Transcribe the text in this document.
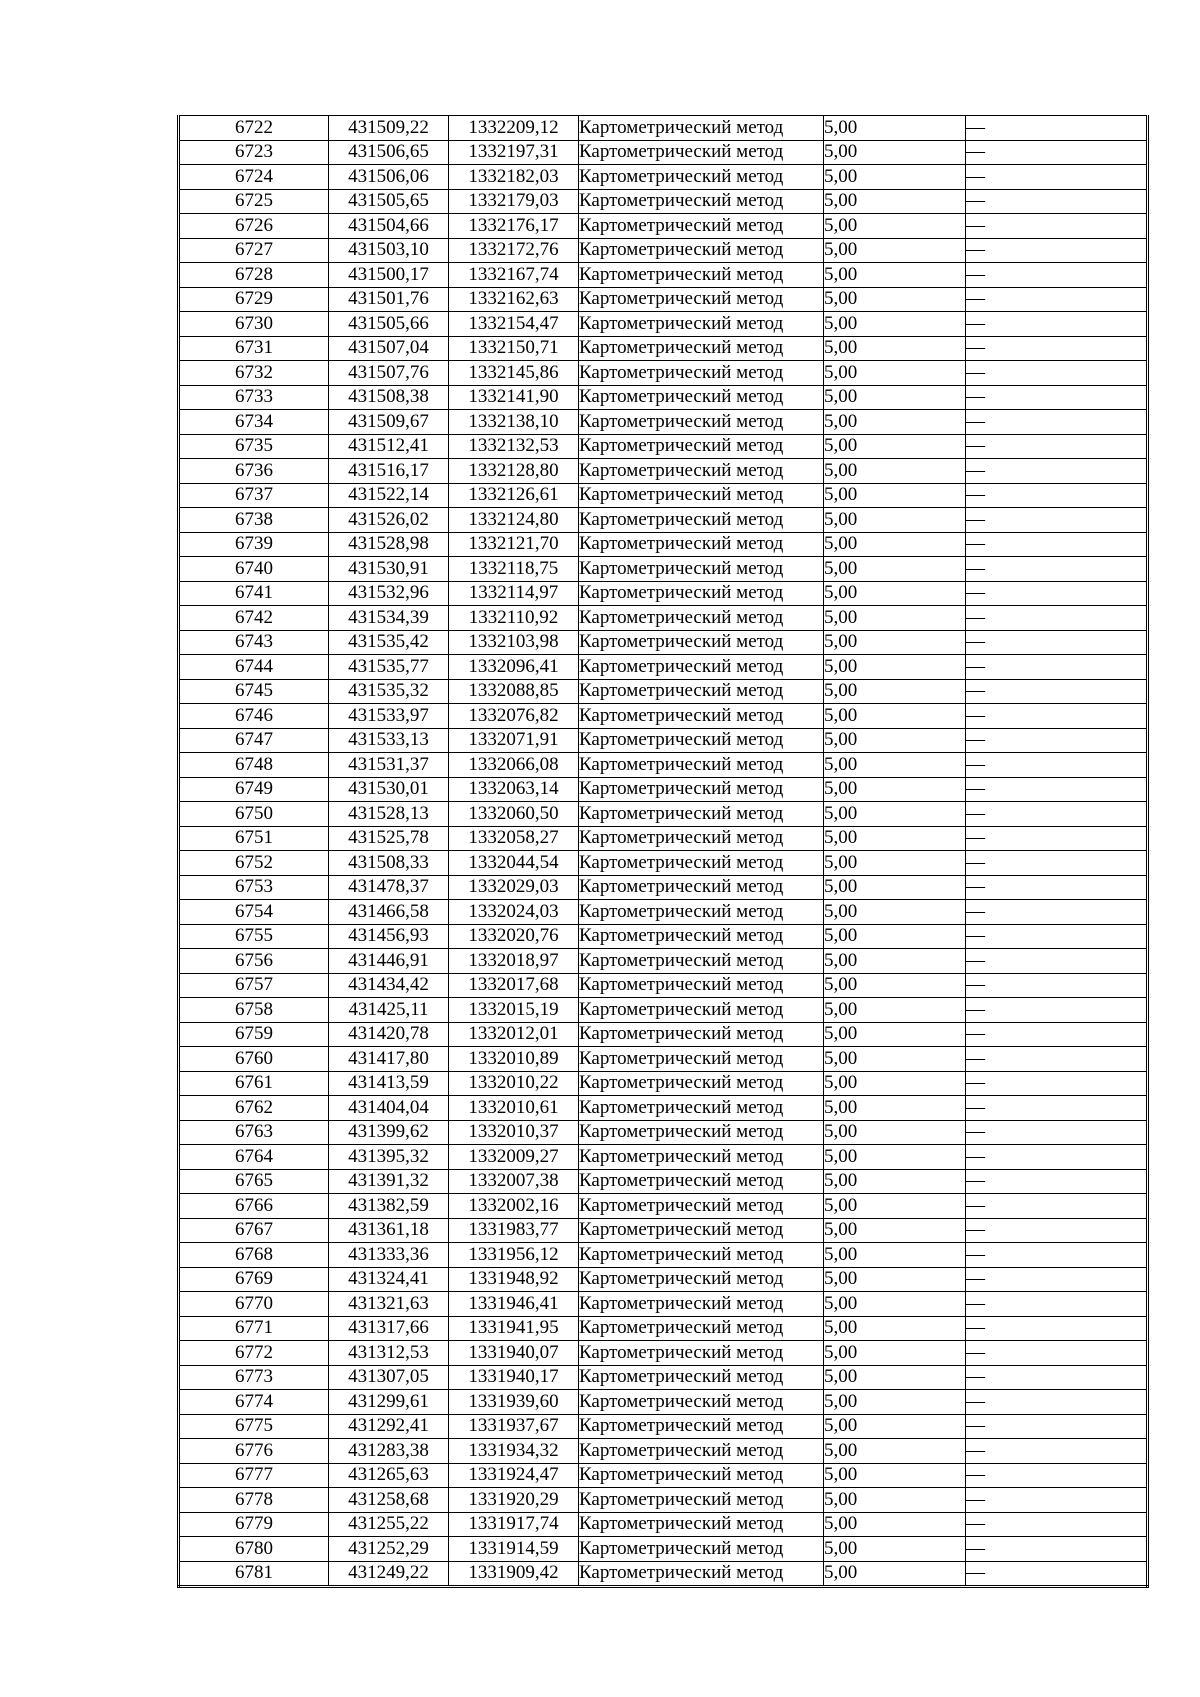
6722	431509,22	1332209,12	Картометрический метод	5,00	—
6723	431506,65	1332197,31	Картометрический метод	5,00	—
6724	431506,06	1332182,03	Картометрический метод	5,00	—
6725	431505,65	1332179,03	Картометрический метод	5,00	—
6726	431504,66	1332176,17	Картометрический метод	5,00	—
6727	431503,10	1332172,76	Картометрический метод	5,00	—
6728	431500,17	1332167,74	Картометрический метод	5,00	—
6729	431501,76	1332162,63	Картометрический метод	5,00	—
6730	431505,66	1332154,47	Картометрический метод	5,00	—
6731	431507,04	1332150,71	Картометрический метод	5,00	—
6732	431507,76	1332145,86	Картометрический метод	5,00	—
6733	431508,38	1332141,90	Картометрический метод	5,00	—
6734	431509,67	1332138,10	Картометрический метод	5,00	—
6735	431512,41	1332132,53	Картометрический метод	5,00	—
6736	431516,17	1332128,80	Картометрический метод	5,00	—
6737	431522,14	1332126,61	Картометрический метод	5,00	—
6738	431526,02	1332124,80	Картометрический метод	5,00	—
6739	431528,98	1332121,70	Картометрический метод	5,00	—
6740	431530,91	1332118,75	Картометрический метод	5,00	—
6741	431532,96	1332114,97	Картометрический метод	5,00	—
6742	431534,39	1332110,92	Картометрический метод	5,00	—
6743	431535,42	1332103,98	Картометрический метод	5,00	—
6744	431535,77	1332096,41	Картометрический метод	5,00	—
6745	431535,32	1332088,85	Картометрический метод	5,00	—
6746	431533,97	1332076,82	Картометрический метод	5,00	—
6747	431533,13	1332071,91	Картометрический метод	5,00	—
6748	431531,37	1332066,08	Картометрический метод	5,00	—
6749	431530,01	1332063,14	Картометрический метод	5,00	—
6750	431528,13	1332060,50	Картометрический метод	5,00	—
6751	431525,78	1332058,27	Картометрический метод	5,00	—
6752	431508,33	1332044,54	Картометрический метод	5,00	—
6753	431478,37	1332029,03	Картометрический метод	5,00	—
6754	431466,58	1332024,03	Картометрический метод	5,00	—
6755	431456,93	1332020,76	Картометрический метод	5,00	—
6756	431446,91	1332018,97	Картометрический метод	5,00	—
6757	431434,42	1332017,68	Картометрический метод	5,00	—
6758	431425,11	1332015,19	Картометрический метод	5,00	—
6759	431420,78	1332012,01	Картометрический метод	5,00	—
6760	431417,80	1332010,89	Картометрический метод	5,00	—
6761	431413,59	1332010,22	Картометрический метод	5,00	—
6762	431404,04	1332010,61	Картометрический метод	5,00	—
6763	431399,62	1332010,37	Картометрический метод	5,00	—
6764	431395,32	1332009,27	Картометрический метод	5,00	—
6765	431391,32	1332007,38	Картометрический метод	5,00	—
6766	431382,59	1332002,16	Картометрический метод	5,00	—
6767	431361,18	1331983,77	Картометрический метод	5,00	—
6768	431333,36	1331956,12	Картометрический метод	5,00	—
6769	431324,41	1331948,92	Картометрический метод	5,00	—
6770	431321,63	1331946,41	Картометрический метод	5,00	—
6771	431317,66	1331941,95	Картометрический метод	5,00	—
6772	431312,53	1331940,07	Картометрический метод	5,00	—
6773	431307,05	1331940,17	Картометрический метод	5,00	—
6774	431299,61	1331939,60	Картометрический метод	5,00	—
6775	431292,41	1331937,67	Картометрический метод	5,00	—
6776	431283,38	1331934,32	Картометрический метод	5,00	—
6777	431265,63	1331924,47	Картометрический метод	5,00	—
6778	431258,68	1331920,29	Картометрический метод	5,00	—
6779	431255,22	1331917,74	Картометрический метод	5,00	—
6780	431252,29	1331914,59	Картометрический метод	5,00	—
6781	431249,22	1331909,42	Картометрический метод	5,00	—
